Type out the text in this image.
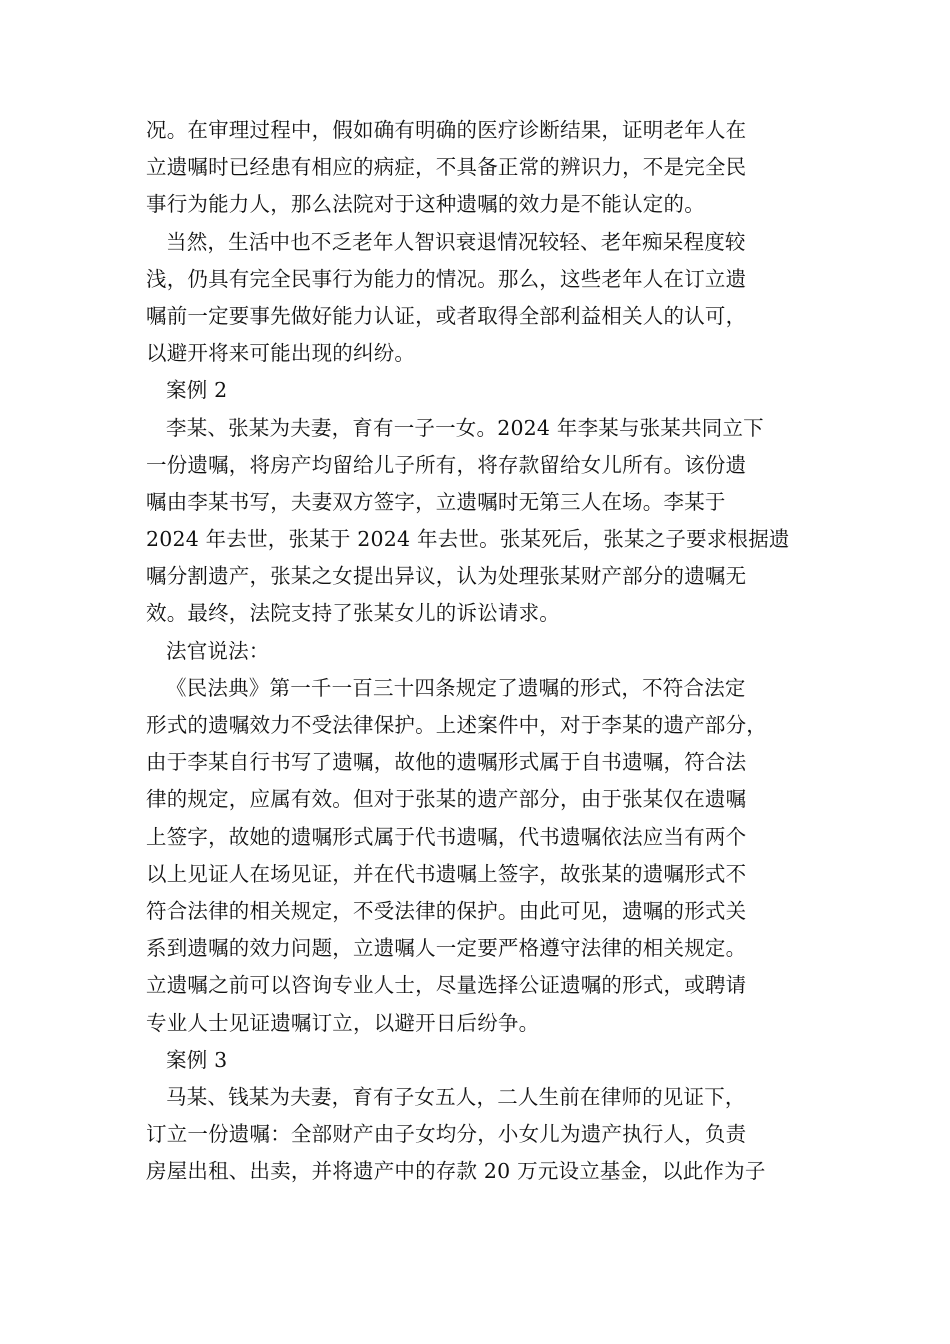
况。在审理过程中，假如确有明确的医疗诊断结果，证明老年人在
立遗嘱时已经患有相应的病症，不具备正常的辨识力，不是完全民
事行为能力人，那么法院对于这种遗嘱的效力是不能认定的。
当然，生活中也不乏老年人智识衰退情况较轻、老年痴呆程度较
浅，仍具有完全民事行为能力的情况。那么，这些老年人在订立遗
嘱前一定要事先做好能力认证，或者取得全部利益相关人的认可，
以避开将来可能出现的纠纷。
案例 2
李某、张某为夫妻，育有一子一女。2024 年李某与张某共同立下
一份遗嘱，将房产均留给儿子所有，将存款留给女儿所有。该份遗
嘱由李某书写，夫妻双方签字，立遗嘱时无第三人在场。李某于
2024 年去世，张某于 2024 年去世。张某死后，张某之子要求根据遗
嘱分割遗产，张某之女提出异议，认为处理张某财产部分的遗嘱无
效。最终，法院支持了张某女儿的诉讼请求。
法官说法：
《民法典》第一千一百三十四条规定了遗嘱的形式，不符合法定
形式的遗嘱效力不受法律保护。上述案件中，对于李某的遗产部分，
由于李某自行书写了遗嘱，故他的遗嘱形式属于自书遗嘱，符合法
律的规定，应属有效。但对于张某的遗产部分，由于张某仅在遗嘱
上签字，故她的遗嘱形式属于代书遗嘱，代书遗嘱依法应当有两个
以上见证人在场见证，并在代书遗嘱上签字，故张某的遗嘱形式不
符合法律的相关规定，不受法律的保护。由此可见，遗嘱的形式关
系到遗嘱的效力问题，立遗嘱人一定要严格遵守法律的相关规定。
立遗嘱之前可以咨询专业人士，尽量选择公证遗嘱的形式，或聘请
专业人士见证遗嘱订立，以避开日后纷争。
案例 3
马某、钱某为夫妻，育有子女五人，二人生前在律师的见证下，
订立一份遗嘱：全部财产由子女均分，小女儿为遗产执行人，负责
房屋出租、出卖，并将遗产中的存款 20 万元设立基金，以此作为子
